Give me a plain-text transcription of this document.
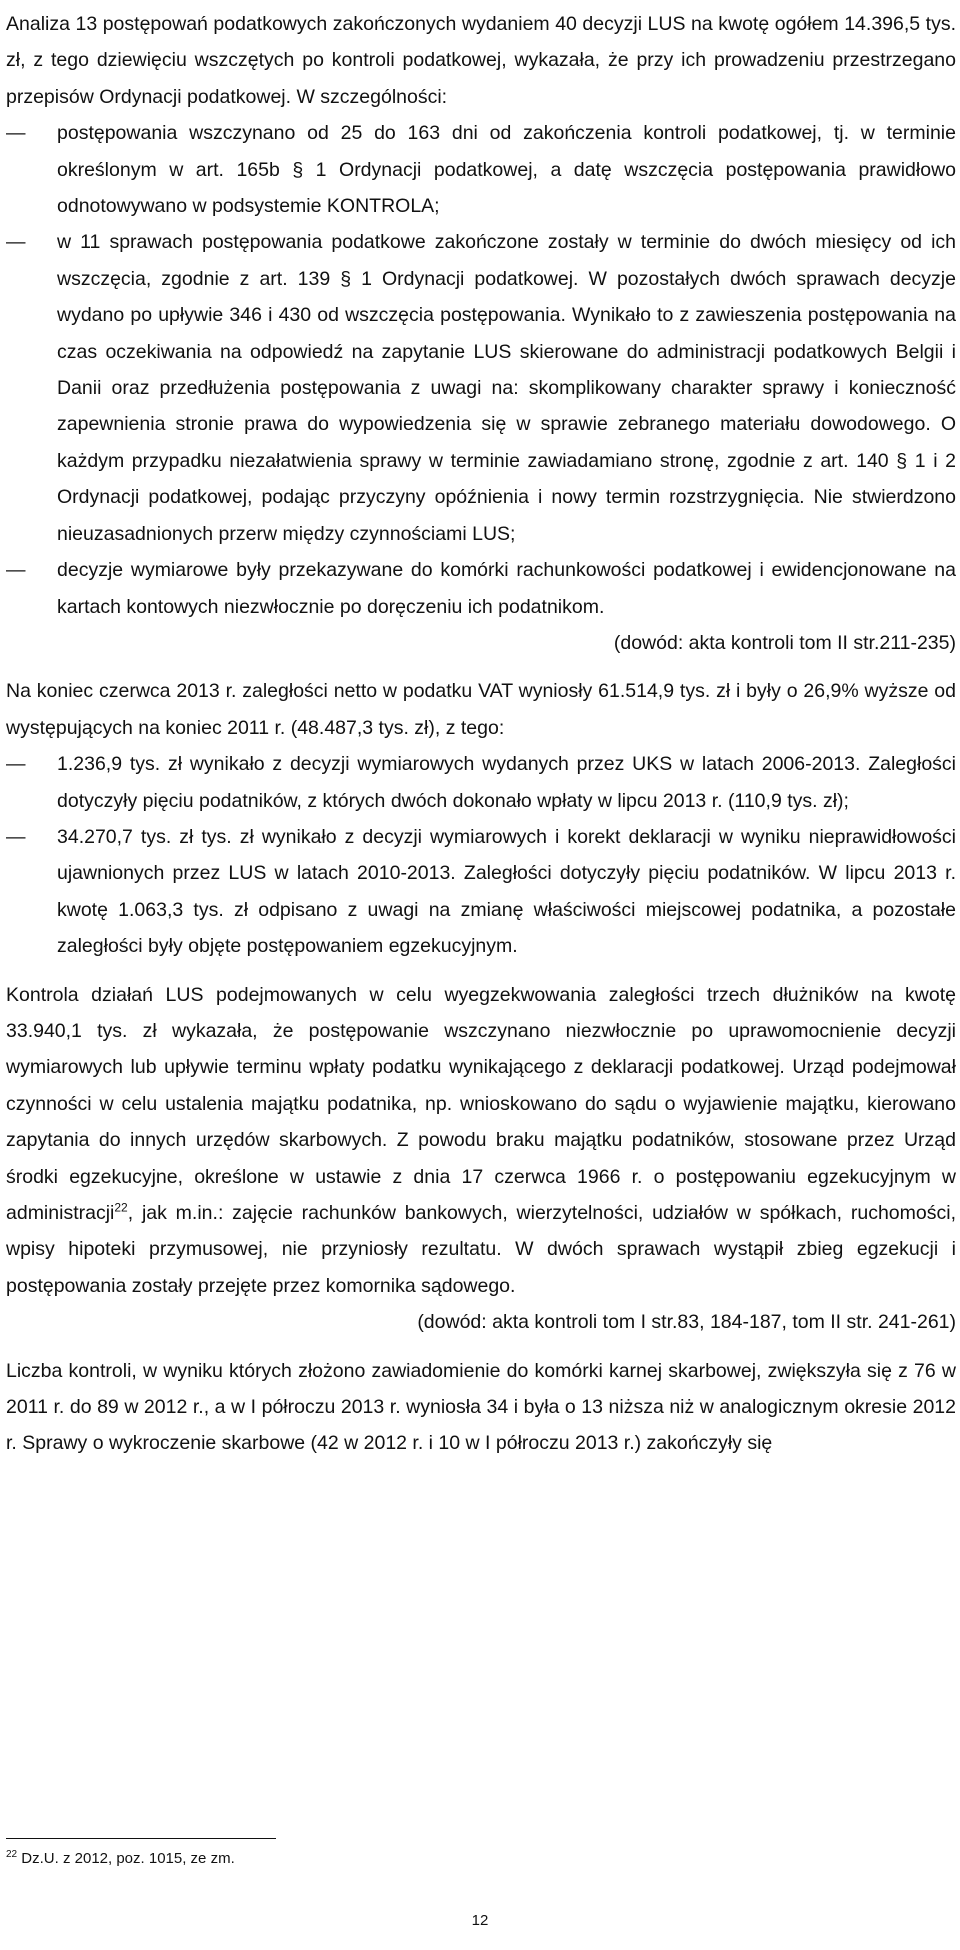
Analiza 13 postępowań podatkowych zakończonych wydaniem 40 decyzji LUS na kwotę ogółem 14.396,5 tys. zł, z tego dziewięciu wszczętych po kontroli podatkowej, wykazała, że przy ich prowadzeniu przestrzegano przepisów Ordynacji podatkowej. W szczególności:

—	postępowania wszczynano od 25 do 163 dni od zakończenia kontroli podatkowej, tj. w terminie określonym w art. 165b § 1 Ordynacji podatkowej, a datę wszczęcia postępowania prawidłowo odnotowywano w podsystemie KONTROLA;
—	w 11 sprawach postępowania podatkowe zakończone zostały w terminie do dwóch miesięcy od ich wszczęcia, zgodnie z art. 139 § 1 Ordynacji podatkowej. W pozostałych dwóch sprawach decyzje wydano po upływie 346 i 430 od wszczęcia postępowania. Wynikało to z zawieszenia postępowania na czas oczekiwania na odpowiedź na zapytanie LUS skierowane do administracji podatkowych Belgii i Danii oraz przedłużenia postępowania z uwagi na: skomplikowany charakter sprawy i konieczność zapewnienia stronie prawa do wypowiedzenia się w sprawie zebranego materiału dowodowego. O każdym przypadku niezałatwienia sprawy w terminie zawiadamiano stronę, zgodnie z art. 140 § 1 i 2 Ordynacji podatkowej, podając przyczyny opóźnienia i nowy termin rozstrzygnięcia. Nie stwierdzono nieuzasadnionych przerw między czynnościami LUS;
—	decyzje wymiarowe były przekazywane do komórki rachunkowości podatkowej i ewidencjonowane na kartach kontowych niezwłocznie po doręczeniu ich podatnikom.
(dowód: akta kontroli tom II str.211-235)

Na koniec czerwca 2013 r. zaległości netto w podatku VAT wyniosły 61.514,9 tys. zł i były o 26,9% wyższe od występujących na koniec 2011 r. (48.487,3 tys. zł), z tego:

—	1.236,9 tys. zł wynikało z decyzji wymiarowych wydanych przez UKS w latach 2006-2013. Zaległości dotyczyły pięciu podatników, z których dwóch dokonało wpłaty w lipcu 2013 r. (110,9 tys. zł);
—	34.270,7 tys. zł tys. zł wynikało z decyzji wymiarowych i korekt deklaracji w wyniku nieprawidłowości ujawnionych przez LUS w latach 2010-2013. Zaległości dotyczyły pięciu podatników. W lipcu 2013 r. kwotę 1.063,3 tys. zł odpisano z uwagi na zmianę właściwości miejscowej podatnika, a pozostałe zaległości były objęte postępowaniem egzekucyjnym.

Kontrola działań LUS podejmowanych w celu wyegzekwowania zaległości trzech dłużników na kwotę 33.940,1 tys. zł wykazała, że postępowanie wszczynano niezwłocznie po uprawomocnienie decyzji wymiarowych lub upływie terminu wpłaty podatku wynikającego z deklaracji podatkowej. Urząd podejmował czynności w celu ustalenia majątku podatnika, np. wnioskowano do sądu o wyjawienie majątku, kierowano zapytania do innych urzędów skarbowych. Z powodu braku majątku podatników, stosowane przez Urząd środki egzekucyjne, określone w ustawie z dnia 17 czerwca 1966 r. o postępowaniu egzekucyjnym w administracji$^{22}$, jak m.in.: zajęcie rachunków bankowych, wierzytelności, udziałów w spółkach, ruchomości, wpisy hipoteki przymusowej, nie przyniosły rezultatu. W dwóch sprawach wystąpił zbieg egzekucji i postępowania zostały przejęte przez komornika sądowego.

(dowód: akta kontroli tom I str.83, 184-187, tom II str. 241-261)

Liczba kontroli, w wyniku których złożono zawiadomienie do komórki karnej skarbowej, zwiększyła się z 76 w 2011 r. do 89 w 2012 r., a w I półroczu 2013 r. wyniosła 34 i była o 13 niższa niż w analogicznym okresie 2012 r. Sprawy o wykroczenie skarbowe (42 w 2012 r. i 10 w I półroczu 2013 r.) zakończyły się

$^{22}$ Dz.U. z 2012, poz. 1015, ze zm.
12
